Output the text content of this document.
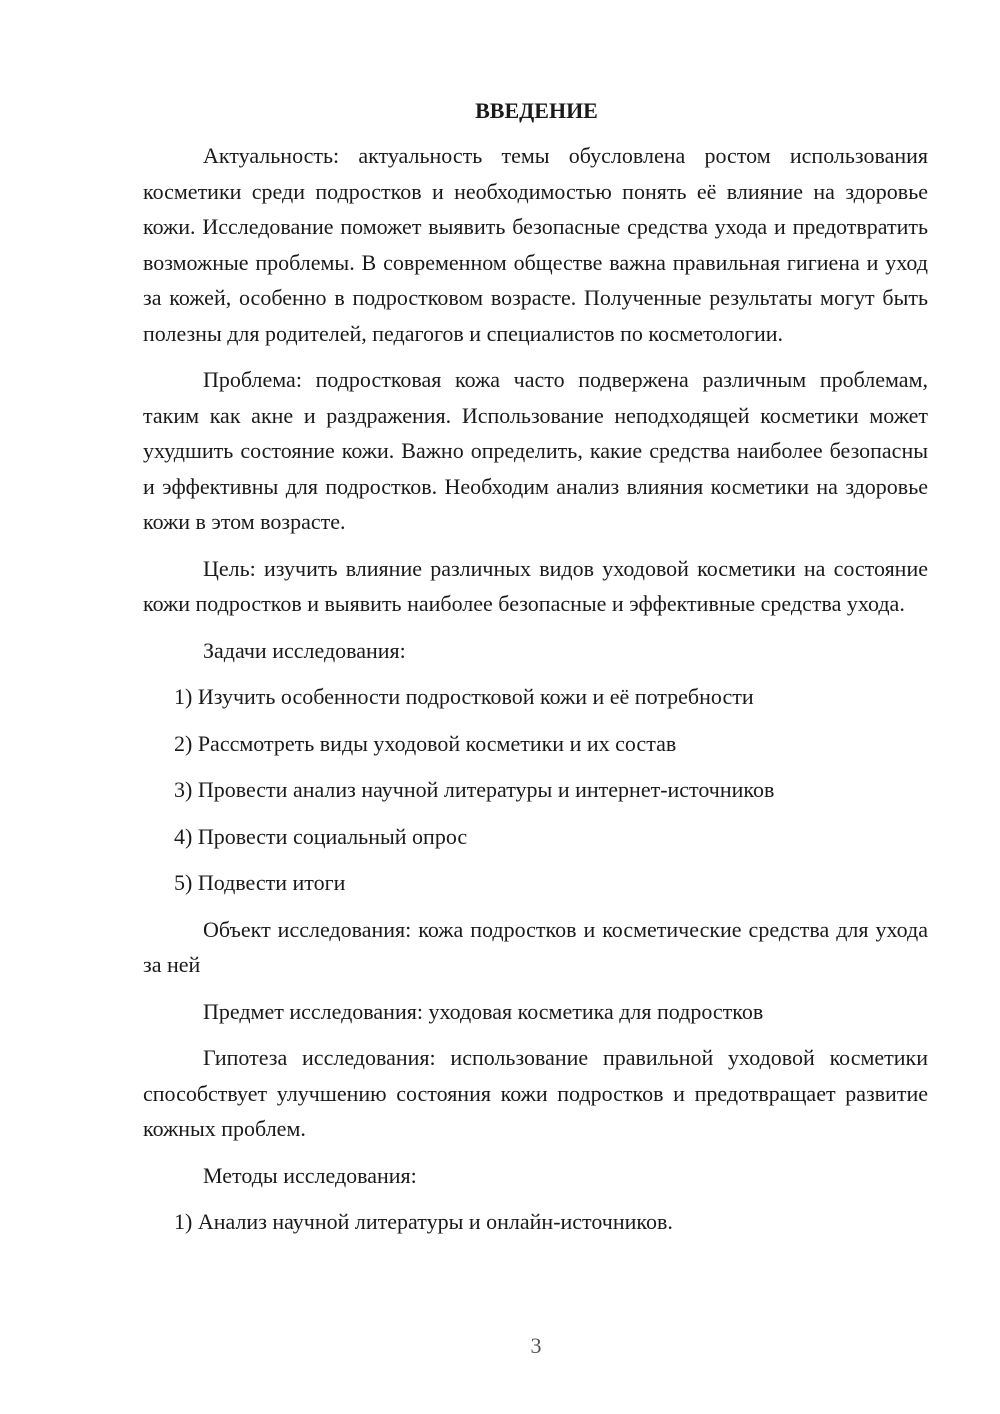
ВВЕДЕНИЕ

Актуальность: актуальность темы обусловлена ростом использования косметики среди подростков и необходимостью понять её влияние на здоровье кожи. Исследование поможет выявить безопасные средства ухода и предотвратить возможные проблемы. В современном обществе важна правильная гигиена и уход за кожей, особенно в подростковом возрасте. Полученные результаты могут быть полезны для родителей, педагогов и специалистов по косметологии.

Проблема: подростковая кожа часто подвержена различным проблемам, таким как акне и раздражения. Использование неподходящей косметики может ухудшить состояние кожи. Важно определить, какие средства наиболее безопасны и эффективны для подростков. Необходим анализ влияния косметики на здоровье кожи в этом возрасте.

Цель: изучить влияние различных видов уходовой косметики на состояние кожи подростков и выявить наиболее безопасные и эффективные средства ухода.

Задачи исследования:

1) Изучить особенности подростковой кожи и её потребности

2) Рассмотреть виды уходовой косметики и их состав

3) Провести анализ научной литературы и интернет-источников

4) Провести социальный опрос

5) Подвести итоги

Объект исследования: кожа подростков и косметические средства для ухода за ней

Предмет исследования: уходовая косметика для подростков

Гипотеза исследования: использование правильной уходовой косметики способствует улучшению состояния кожи подростков и предотвращает развитие кожных проблем.

Методы исследования:

1) Анализ научной литературы и онлайн-источников.

3
